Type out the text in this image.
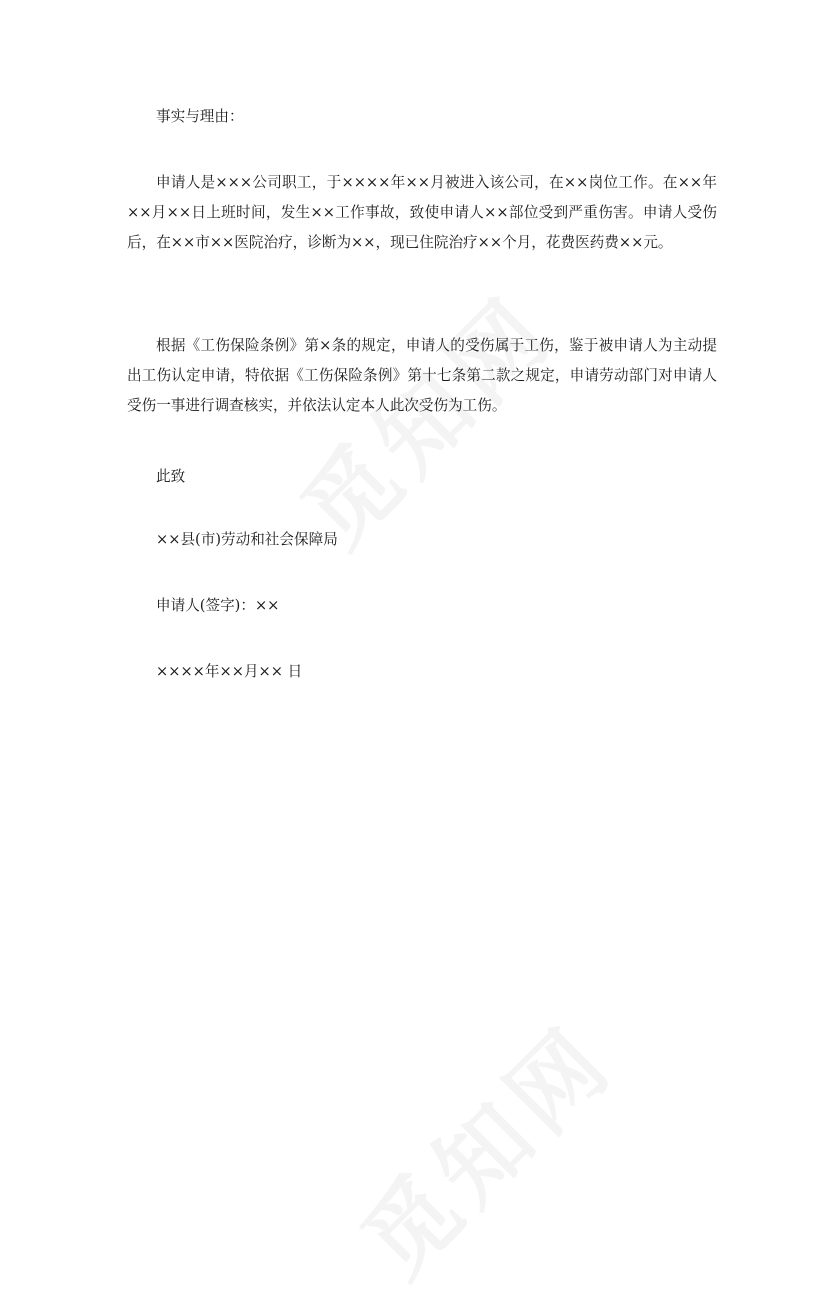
事实与理由：
申请人是×××公司职工，于××××年××月被进入该公司，在××岗位工作。在××年××月××日上班时间，发生××工作事故，致使申请人××部位受到严重伤害。申请人受伤后，在××市××医院治疗，诊断为××，现已住院治疗××个月，花费医药费××元。
根据《工伤保险条例》第×条的规定，申请人的受伤属于工伤，鉴于被申请人为主动提出工伤认定申请，特依据《工伤保险条例》第十七条第二款之规定，申请劳动部门对申请人受伤一事进行调查核实，并依法认定本人此次受伤为工伤。
此致
××县(市)劳动和社会保障局
申请人(签字)：××
××××年××月×× 日
